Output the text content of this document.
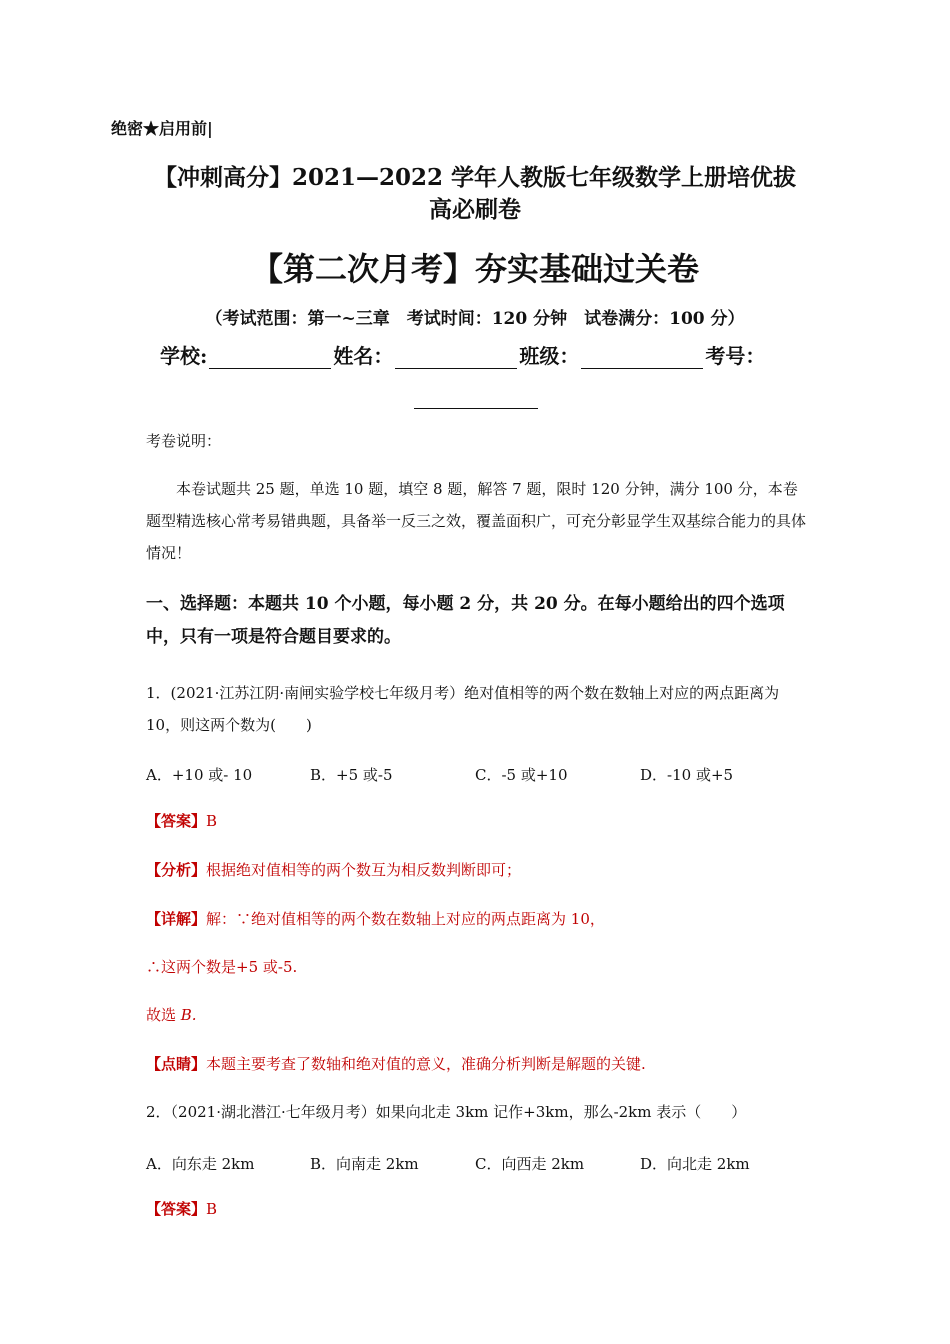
绝密★启用前|
【冲刺高分】2021—2022 学年人教版七年级数学上册培优拔
高必刷卷
【第二次月考】夯实基础过关卷
（考试范围：第一~三章　考试时间：120 分钟　试卷满分：100 分）
学校:	姓名：	班级：	考号：
考卷说明：
本卷试题共 25 题，单选 10 题，填空 8 题，解答 7 题，限时 120 分钟，满分 100 分，本卷题型精选核心常考易错典题，具备举一反三之效，覆盖面积广，可充分彰显学生双基综合能力的具体情况！
一、选择题：本题共 10 个小题，每小题 2 分，共 20 分。在每小题给出的四个选项中，只有一项是符合题目要求的。
1．(2021·江苏江阴·南闸实验学校七年级月考）绝对值相等的两个数在数轴上对应的两点距离为 10，则这两个数为(　　)
A．+10 或- 10	B．+5 或-5	C．-5 或+10	D．-10 或+5
【答案】B
【分析】根据绝对值相等的两个数互为相反数判断即可；
【详解】解：∵绝对值相等的两个数在数轴上对应的两点距离为 10，
∴这两个数是+5 或-5.
故选 B.
【点睛】本题主要考查了数轴和绝对值的意义，准确分析判断是解题的关键.
2．（2021·湖北潜江·七年级月考）如果向北走 3km 记作+3km，那么-2km 表示（　　）
A．向东走 2km	B．向南走 2km	C．向西走 2km	D．向北走 2km
【答案】B
